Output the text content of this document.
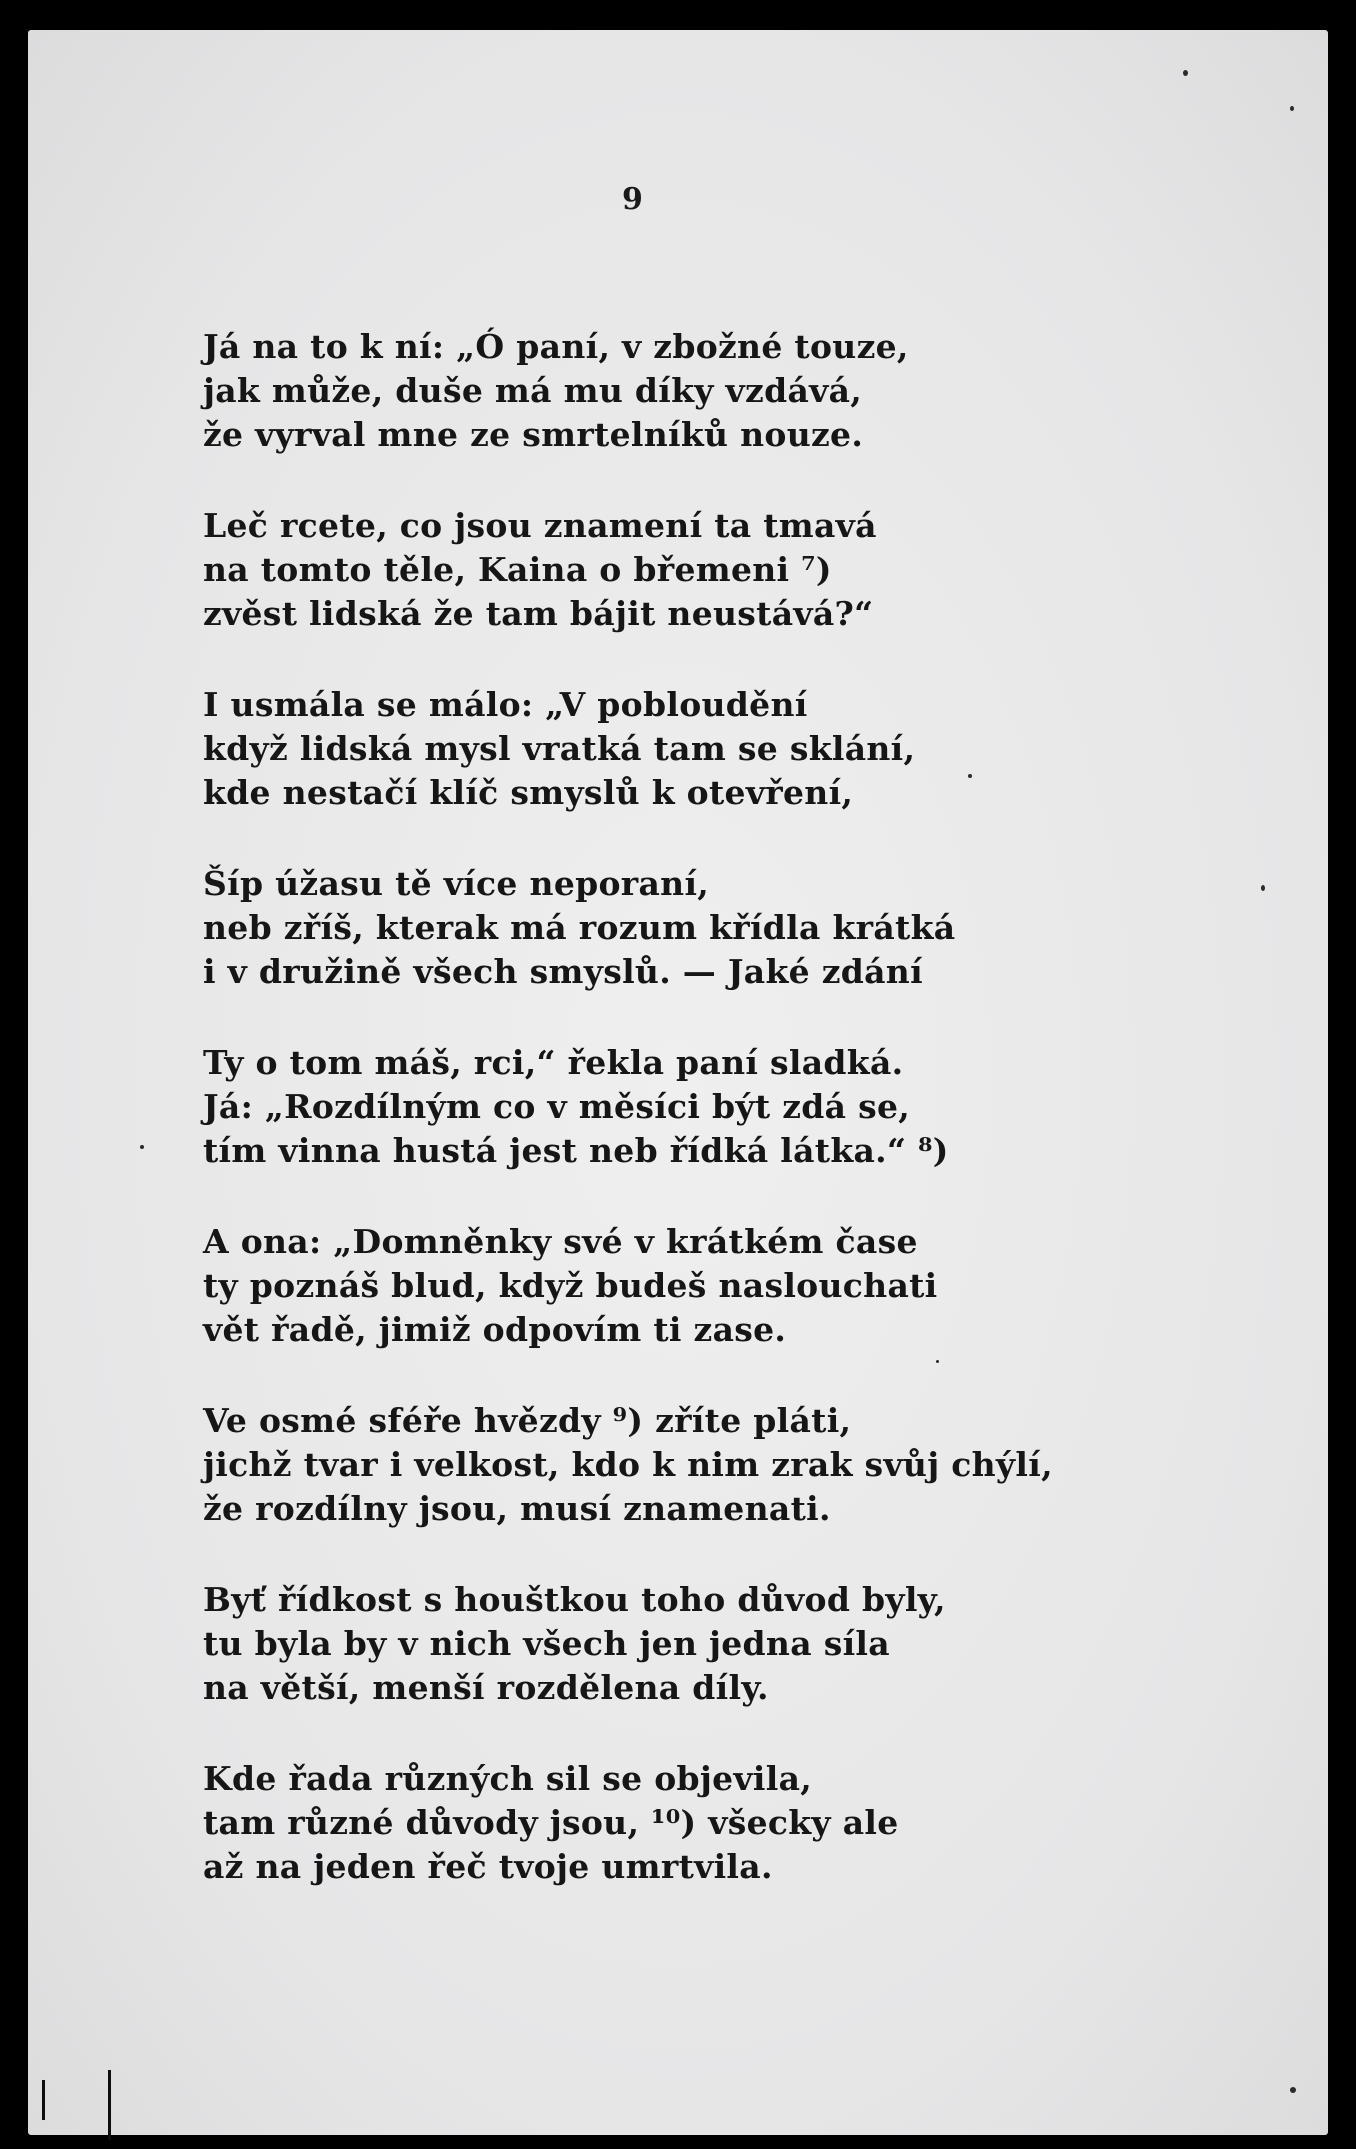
9
Já na to k ní: „Ó paní, v zbožné touze,
jak může, duše má mu díky vzdává,
že vyrval mne ze smrtelníků nouze.
Leč rcete, co jsou znamení ta tmavá
na tomto těle, Kaina o břemeni ⁷)
zvěst lidská že tam bájit neustává?“
I usmála se málo: „V pobloudění
když lidská mysl vratká tam se sklání,
kde nestačí klíč smyslů k otevření,
Šíp úžasu tě více neporaní,
neb zříš, kterak má rozum křídla krátká
i v družině všech smyslů. — Jaké zdání
Ty o tom máš, rci,“ řekla paní sladká.
Já: „Rozdílným co v měsíci být zdá se,
tím vinna hustá jest neb řídká látka.“ ⁸)
A ona: „Domněnky své v krátkém čase
ty poznáš blud, když budeš naslouchati
vět řadě, jimiž odpovím ti zase.
Ve osmé sféře hvězdy ⁹) zříte pláti,
jichž tvar i velkost, kdo k nim zrak svůj chýlí,
že rozdílny jsou, musí znamenati.
Byť řídkost s houštkou toho důvod byly,
tu byla by v nich všech jen jedna síla
na větší, menší rozdělena díly.
Kde řada různých sil se objevila,
tam různé důvody jsou, ¹⁰) všecky ale
až na jeden řeč tvoje umrtvila.
